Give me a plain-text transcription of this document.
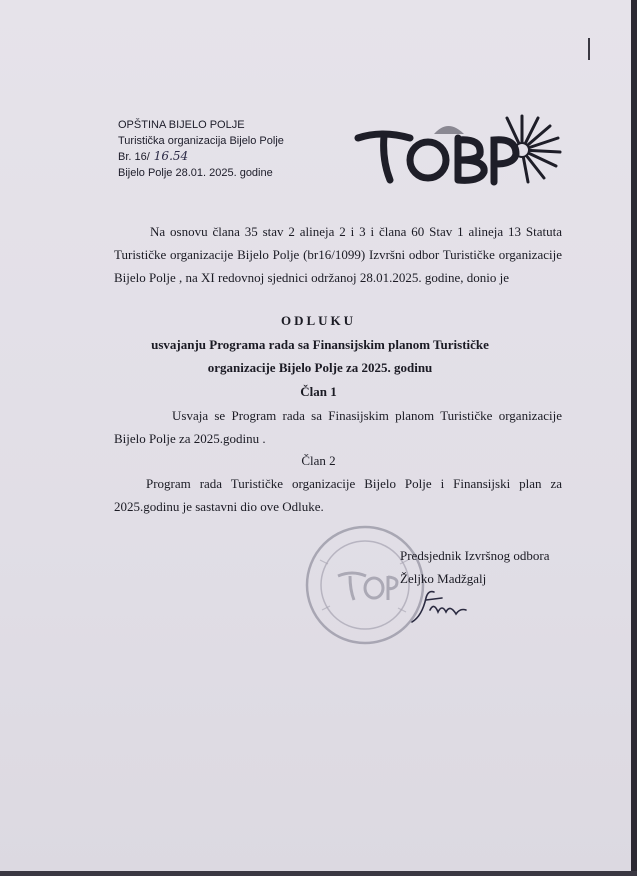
OPŠTINA BIJELO POLJE
Turistička organizacija Bijelo Polje
Br. 16/ 16.54
Bijelo Polje 28.01. 2025. godine
Na osnovu člana 35 stav 2 alineja 2 i 3 i člana 60 Stav 1 alineja 13 Statuta Turističke organizacije Bijelo Polje (br16/1099) Izvršni odbor Turističke organizacije Bijelo Polje , na XI redovnoj sjednici održanoj 28.01.2025. godine, donio je
ODLUKU
usvajanju Programa rada sa Finansijskim planom Turističke organizacije Bijelo Polje za 2025. godinu
Član 1
Usvaja se Program rada sa Finasijskim planom Turističke organizacije Bijelo Polje za 2025.godinu .
Član 2
Program rada Turističke organizacije Bijelo Polje i Finansijski plan za 2025.godinu je sastavni dio ove Odluke.
Predsjednik Izvršnog odbora
Željko Madžgalj
